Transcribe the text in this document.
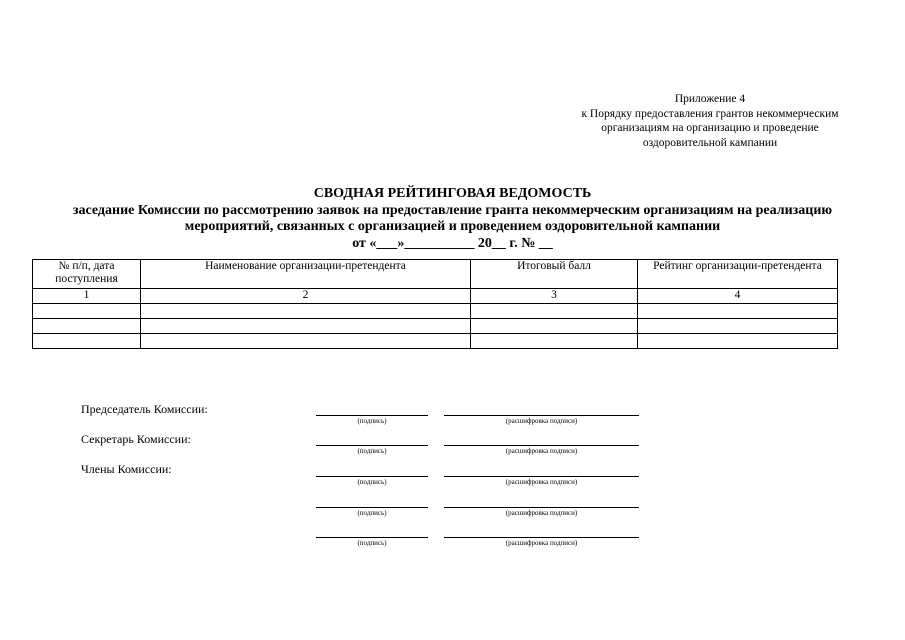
Приложение 4
к Порядку предоставления грантов некоммерческим
организациям на организацию и проведение
оздоровительной кампании
СВОДНАЯ РЕЙТИНГОВАЯ ВЕДОМОСТЬ
заседание Комиссии по рассмотрению заявок на предоставление гранта некоммерческим организациям на реализацию
мероприятий, связанных с организацией и проведением оздоровительной кампании
от «___»__________ 20__ г. № __
№ п/п, дата поступления	Наименование организации-претендента	Итоговый балл	Рейтинг организации-претендента
1	2	3	4

Председатель Комиссии:
Секретарь Комиссии:
Члены Комиссии:
(подпись)	(расшифровка подписи)
(подпись)	(расшифровка подписи)
(подпись)	(расшифровка подписи)
(подпись)	(расшифровка подписи)
(подпись)	(расшифровка подписи)
